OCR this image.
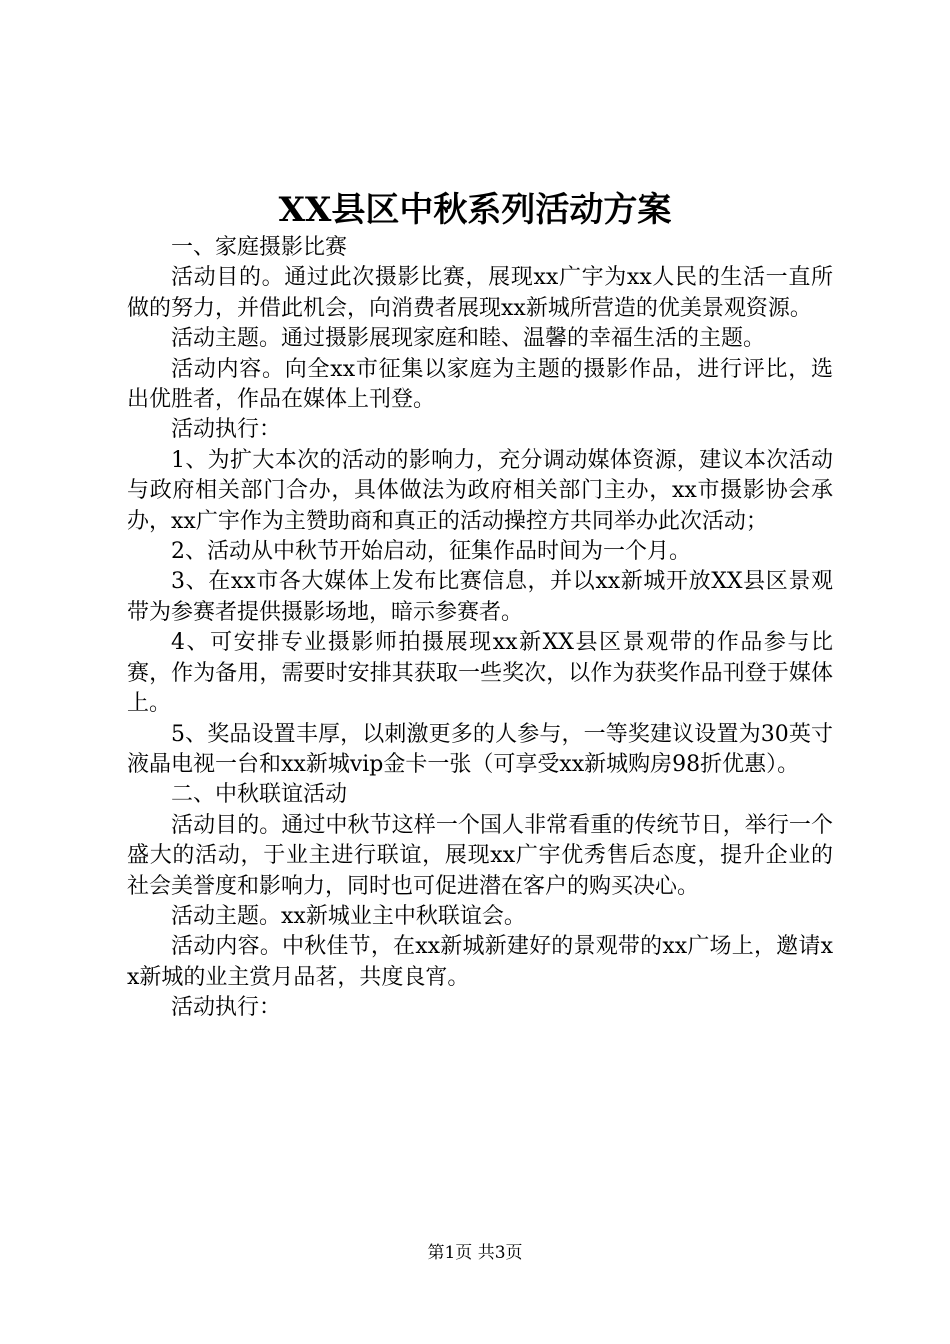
XX县区中秋系列活动方案

一、家庭摄影比赛

活动目的。通过此次摄影比赛，展现xx广宇为xx人民的生活一直所做的努力，并借此机会，向消费者展现xx新城所营造的优美景观资源。

活动主题。通过摄影展现家庭和睦、温馨的幸福生活的主题。

活动内容。向全xx市征集以家庭为主题的摄影作品，进行评比，选出优胜者，作品在媒体上刊登。

活动执行：

1、为扩大本次的活动的影响力，充分调动媒体资源，建议本次活动与政府相关部门合办，具体做法为政府相关部门主办，xx市摄影协会承办，xx广宇作为主赞助商和真正的活动操控方共同举办此次活动；

2、活动从中秋节开始启动，征集作品时间为一个月。

3、在xx市各大媒体上发布比赛信息，并以xx新城开放XX县区景观带为参赛者提供摄影场地，暗示参赛者。

4、可安排专业摄影师拍摄展现xx新XX县区景观带的作品参与比赛，作为备用，需要时安排其获取一些奖次，以作为获奖作品刊登于媒体上。

5、奖品设置丰厚，以刺激更多的人参与，一等奖建议设置为30英寸液晶电视一台和xx新城vip金卡一张（可享受xx新城购房98折优惠）。

二、中秋联谊活动

活动目的。通过中秋节这样一个国人非常看重的传统节日，举行一个盛大的活动，于业主进行联谊，展现xx广宇优秀售后态度，提升企业的社会美誉度和影响力，同时也可促进潜在客户的购买决心。

活动主题。xx新城业主中秋联谊会。

活动内容。中秋佳节，在xx新城新建好的景观带的xx广场上，邀请xx新城的业主赏月品茗，共度良宵。

活动执行：

第1页 共3页
